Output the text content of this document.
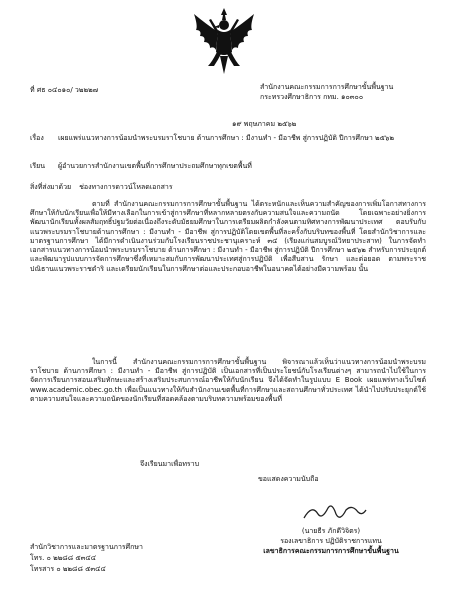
ที่ ศธ ๐๔๐๑๐/ ว๒๒๒๗	สำนักงานคณะกรรมการการศึกษาขั้นพื้นฐาน
กระทรวงศึกษาธิการ กทม. ๑๐๓๐๐
๑๙ พฤษภาคม ๒๕๖๒
เรื่อง	เผยแพร่แนวทางการน้อมนำพระบรมราโชบาย ด้านการศึกษา : มีงานทำ - มีอาชีพ สู่การปฏิบัติ ปีการศึกษา ๒๕๖๒
เรียน	ผู้อำนวยการสำนักงานเขตพื้นที่การศึกษาประถมศึกษาทุกเขตพื้นที่
สิ่งที่ส่งมาด้วย ช่องทางการดาวน์โหลดเอกสาร
ตามที่ สำนักงานคณะกรรมการการศึกษาขั้นพื้นฐาน ได้ตระหนักและเห็นความสำคัญของการเพิ่มโอกาสทางการศึกษาให้กับนักเรียนเพื่อให้มีทางเลือกในการเข้าสู่การศึกษาที่หลากหลายตรงกับความสนใจและความถนัด โดยเฉพาะอย่างยิ่งการพัฒนานักเรียนทั้งผลสัมฤทธิ์ปฐมวัยต่อเนื่องถึงระดับมัธยมศึกษาในการเตรียมผลิตกำลังคนตามทิศทางการพัฒนาประเทศ ตอบรับกับแนวพระบรมราโชบายด้านการศึกษา : มีงานทำ - มีอาชีพ สู่การปฏิบัติโดยเขตพื้นที่ละครั้งกับบริบทของพื้นที่ โดยสำนักวิชาการและมาตรฐานการศึกษา ได้มีการดำเนินงานร่วมกับโรงเรียนราชประชานุเคราะห์ ๓๔ (เรียงแก่นสมบูรณ์วิทยาประสาท) ในการจัดทำเอกสารแนวทางการน้อมนำพระบรมราโชบาย ด้านการศึกษา : มีงานทำ - มีอาชีพ สู่การปฏิบัติ ปีการศึกษา ๒๕๖๒ สำหรับการประยุกต์และพัฒนารูปแบบการจัดการศึกษาซึ่งที่เหมาะสมกับการพัฒนาประเทศสู่การปฏิบัติ เพื่อสืบสาน รักษา และต่อยอด ตามพระราชปณิธานแนวพระราชดำริ และเตรียมนักเรียนในการศึกษาต่อและประกอบอาชีพในอนาคตได้อย่างมีความพร้อม นั้น
ในการนี้ สำนักงานคณะกรรมการการศึกษาขั้นพื้นฐาน พิจารณาแล้วเห็นว่าแนวทางการน้อมนำพระบรมราโชบาย ด้านการศึกษา : มีงานทำ - มีอาชีพ สู่การปฏิบัติ เป็นเอกสารที่เป็นประโยชน์กับโรงเรียนต่างๆ สามารถนำไปใช้ในการจัดการเรียนการสอนเสริมทักษะและสร้างเสริมประสบการณ์อาชีพให้กับนักเรียน จึงได้จัดทำในรูปแบบ E Book เผยแพร่ทางเว็บไซต์ www.academic.obec.go.th เพื่อเป็นแนวทางให้กับสำนักงานเขตพื้นที่การศึกษาและสถานศึกษาทั่วประเทศ ได้นำไปปรับประยุกต์ใช้ตามความสนใจและความถนัดของนักเรียนที่สอดคล้องตามบริบทความพร้อมของพื้นที่
จึงเรียนมาเพื่อทราบ
ขอแสดงความนับถือ
(นายธีร ภักดีวิจิตร)
รองเลขาธิการ ปฏิบัติราชการแทน
เลขาธิการคณะกรรมการการศึกษาขั้นพื้นฐาน
สำนักวิชาการและมาตรฐานการศึกษา
โทร. ๐ ๒๒๘๘ ๕๓๔๔
โทรสาร ๐ ๒๒๘๘ ๕๓๔๔
